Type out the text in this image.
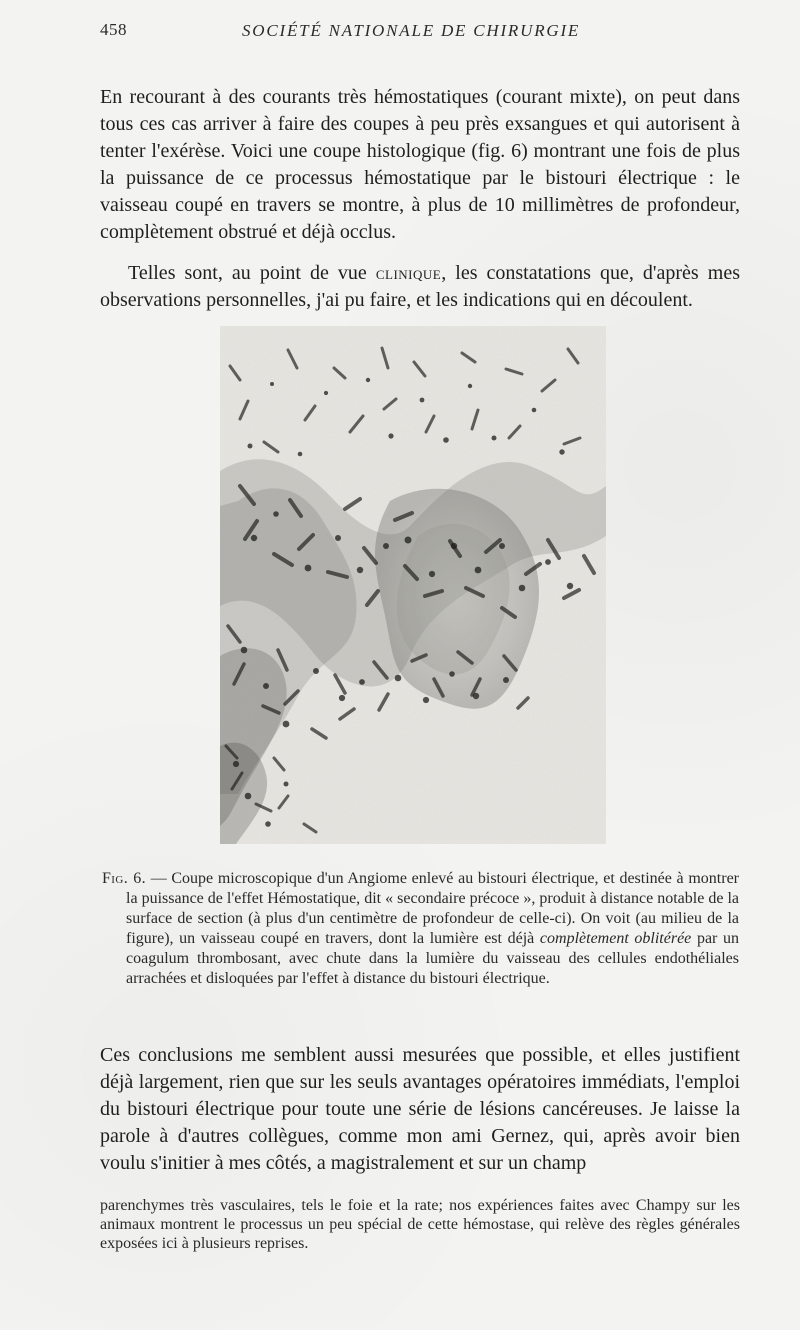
458	SOCIÉTÉ NATIONALE DE CHIRURGIE

En recourant à des courants très hémostatiques (courant mixte), on peut dans tous ces cas arriver à faire des coupes à peu près exsangues et qui autorisent à tenter l'exérèse. Voici une coupe histologique (fig. 6) montrant une fois de plus la puissance de ce processus hémostatique par le bistouri électrique : le vaisseau coupé en travers se montre, à plus de 10 millimètres de profondeur, complètement obstrué et déjà occlus.

Telles sont, au point de vue clinique, les constatations que, d'après mes observations personnelles, j'ai pu faire, et les indications qui en découlent.

Fig. 6. — Coupe microscopique d'un Angiome enlevé au bistouri électrique, et destinée à montrer la puissance de l'effet Hémostatique, dit « secondaire précoce », produit à distance notable de la surface de section (à plus d'un centimètre de profondeur de celle-ci). On voit (au milieu de la figure), un vaisseau coupé en travers, dont la lumière est déjà complètement oblitérée par un coagulum thrombosant, avec chute dans la lumière du vaisseau des cellules endothéliales arrachées et disloquées par l'effet à distance du bistouri électrique.

Ces conclusions me semblent aussi mesurées que possible, et elles justifient déjà largement, rien que sur les seuls avantages opératoires immédiats, l'emploi du bistouri électrique pour toute une série de lésions cancéreuses. Je laisse la parole à d'autres collègues, comme mon ami Gernez, qui, après avoir bien voulu s'initier à mes côtés, a magistralement et sur un champ

parenchymes très vasculaires, tels le foie et la rate; nos expériences faites avec Champy sur les animaux montrent le processus un peu spécial de cette hémostase, qui relève des règles générales exposées ici à plusieurs reprises.
